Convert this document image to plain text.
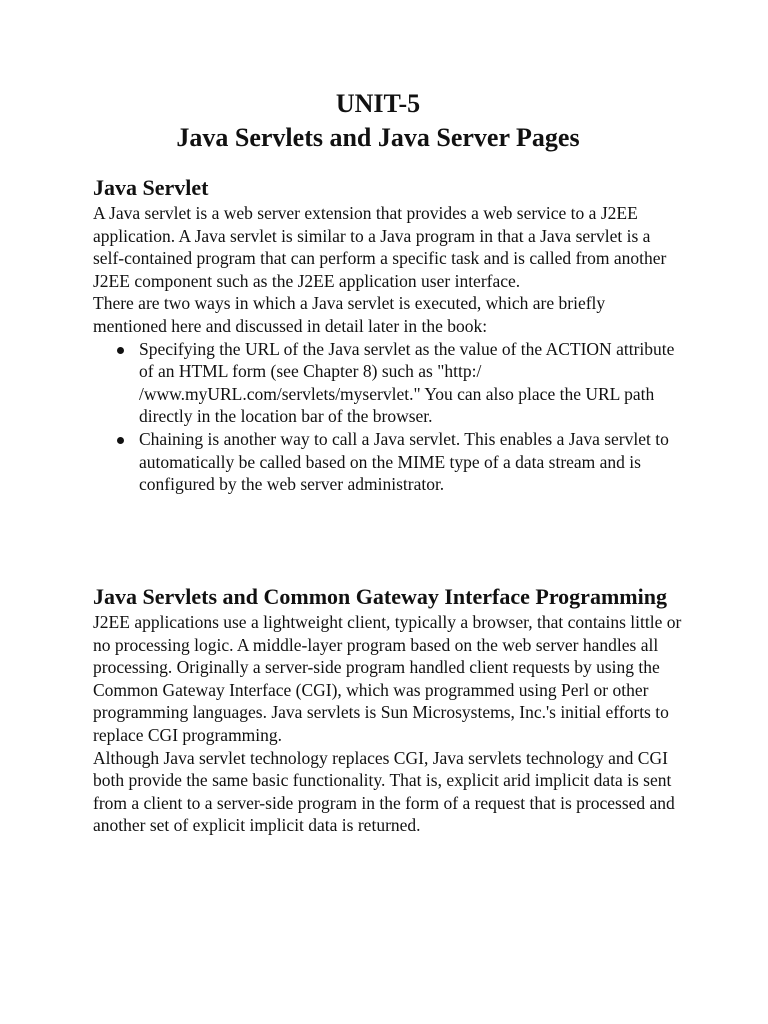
UNIT-5
Java Servlets and Java Server Pages
Java Servlet

A Java servlet is a web server extension that provides a web service to a J2EE application. A Java servlet is similar to a Java program in that a Java servlet is a self-contained program that can perform a specific task and is called from another J2EE component such as the J2EE application user interface.

There are two ways in which a Java servlet is executed, which are briefly mentioned here and discussed in detail later in the book:

Specifying the URL of the Java servlet as the value of the ACTION attribute of an HTML form (see Chapter 8) such as "http:/ /www.myURL.com/servlets/myservlet." You can also place the URL path directly in the location bar of the browser.
Chaining is another way to call a Java servlet. This enables a Java servlet to automatically be called based on the MIME type of a data stream and is configured by the web server administrator.
Java Servlets and Common Gateway Interface Programming

J2EE applications use a lightweight client, typically a browser, that contains little or no processing logic. A middle-layer program based on the web server handles all processing. Originally a server-side program handled client requests by using the Common Gateway Interface (CGI), which was programmed using Perl or other programming languages. Java servlets is Sun Microsystems, Inc.'s initial efforts to replace CGI programming.

Although Java servlet technology replaces CGI, Java servlets technology and CGI both provide the same basic functionality. That is, explicit arid implicit data is sent from a client to a server-side program in the form of a request that is processed and another set of explicit implicit data is returned.
